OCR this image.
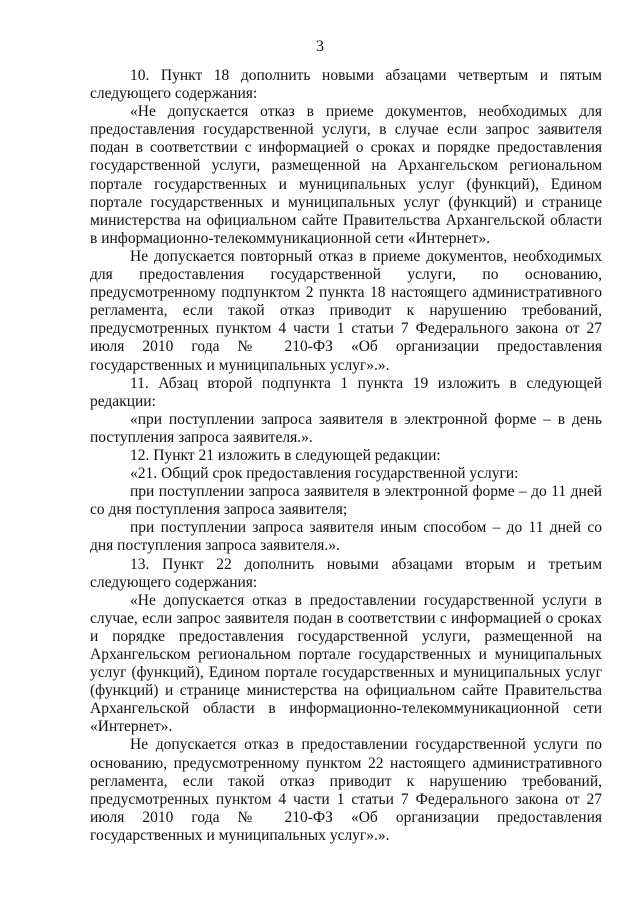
3

10. Пункт 18 дополнить новыми абзацами четвертым и пятым следующего содержания:

«Не допускается отказ в приеме документов, необходимых для предоставления государственной услуги, в случае если запрос заявителя подан в соответствии с информацией о сроках и порядке предоставления государственной услуги, размещенной на Архангельском региональном портале государственных и муниципальных услуг (функций), Едином портале государственных и муниципальных услуг (функций) и странице министерства на официальном сайте Правительства Архангельской области в информационно-телекоммуникационной сети «Интернет».

Не допускается повторный отказ в приеме документов, необходимых для предоставления государственной услуги, по основанию, предусмотренному подпунктом 2 пункта 18 настоящего административного регламента, если такой отказ приводит к нарушению требований, предусмотренных пунктом 4 части 1 статьи 7 Федерального закона от 27 июля 2010 года № 210-ФЗ «Об организации предоставления государственных и муниципальных услуг».».

11. Абзац второй подпункта 1 пункта 19 изложить в следующей редакции:

«при поступлении запроса заявителя в электронной форме – в день поступления запроса заявителя.».

12. Пункт 21 изложить в следующей редакции:

«21. Общий срок предоставления государственной услуги:

при поступлении запроса заявителя в электронной форме – до 11 дней со дня поступления запроса заявителя;

при поступлении запроса заявителя иным способом – до 11 дней со дня поступления запроса заявителя.».

13. Пункт 22 дополнить новыми абзацами вторым и третьим следующего содержания:

«Не допускается отказ в предоставлении государственной услуги в случае, если запрос заявителя подан в соответствии с информацией о сроках и порядке предоставления государственной услуги, размещенной на Архангельском региональном портале государственных и муниципальных услуг (функций), Едином портале государственных и муниципальных услуг (функций) и странице министерства на официальном сайте Правительства Архангельской области в информационно-телекоммуникационной сети «Интернет».

Не допускается отказ в предоставлении государственной услуги по основанию, предусмотренному пунктом 22 настоящего административного регламента, если такой отказ приводит к нарушению требований, предусмотренных пунктом 4 части 1 статьи 7 Федерального закона от 27 июля 2010 года № 210-ФЗ «Об организации предоставления государственных и муниципальных услуг».».
